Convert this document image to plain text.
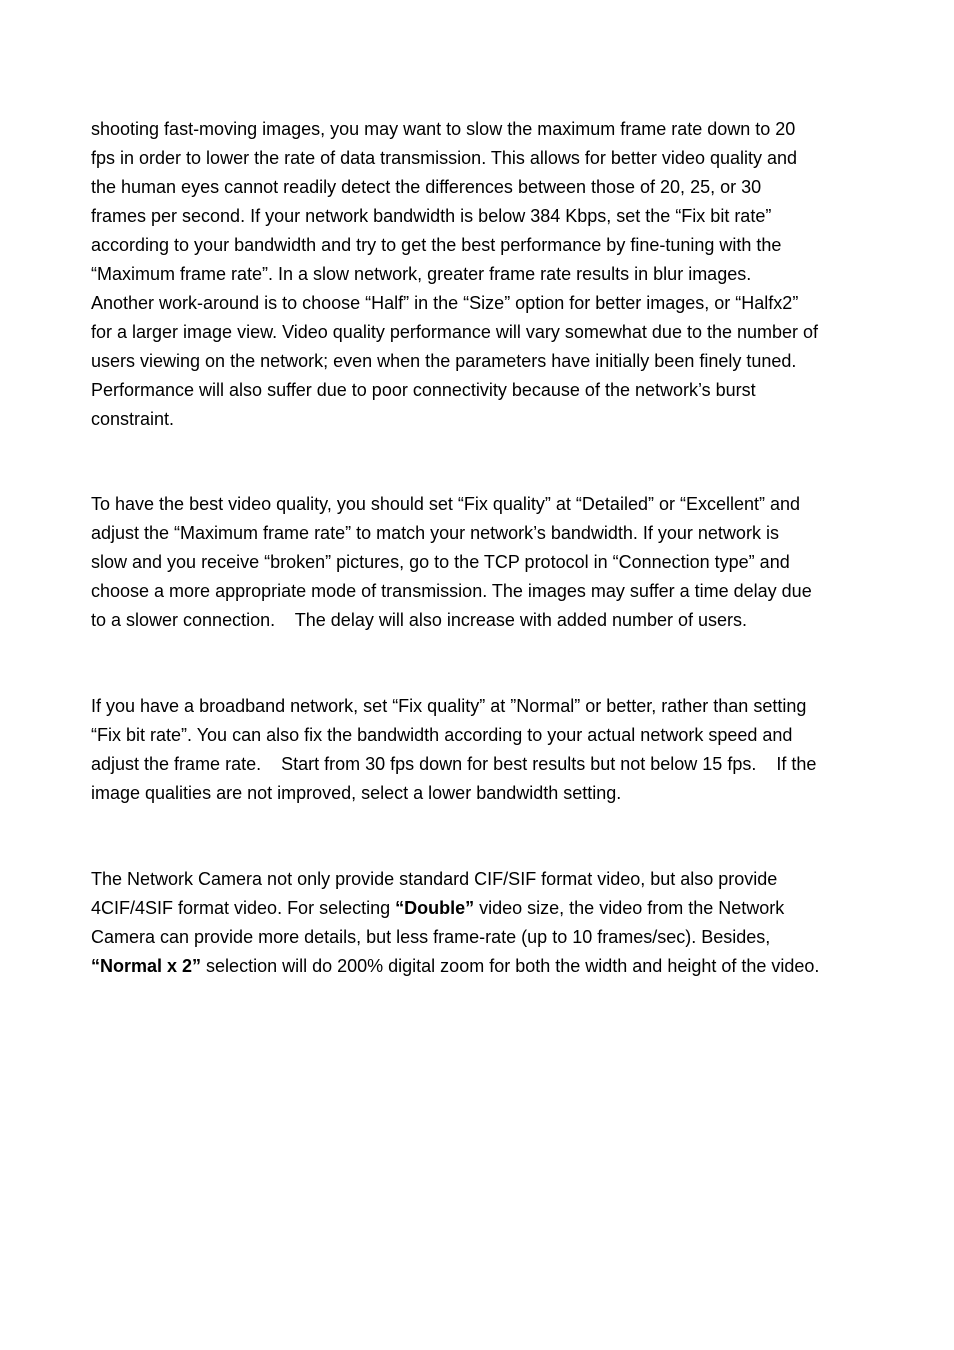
shooting fast-moving images, you may want to slow the maximum frame rate down to 20
fps in order to lower the rate of data transmission. This allows for better video quality and
the human eyes cannot readily detect the differences between those of 20, 25, or 30
frames per second. If your network bandwidth is below 384 Kbps, set the “Fix bit rate”
according to your bandwidth and try to get the best performance by fine-tuning with the
“Maximum frame rate”. In a slow network, greater frame rate results in blur images.
Another work-around is to choose “Half” in the “Size” option for better images, or “Halfx2”
for a larger image view. Video quality performance will vary somewhat due to the number of
users viewing on the network; even when the parameters have initially been finely tuned.
Performance will also suffer due to poor connectivity because of the network’s burst
constraint.

To have the best video quality, you should set “Fix quality” at “Detailed” or “Excellent” and
adjust the “Maximum frame rate” to match your network’s bandwidth. If your network is
slow and you receive “broken” pictures, go to the TCP protocol in “Connection type” and
choose a more appropriate mode of transmission. The images may suffer a time delay due
to a slower connection.    The delay will also increase with added number of users.

If you have a broadband network, set “Fix quality” at ”Normal” or better, rather than setting
“Fix bit rate”. You can also fix the bandwidth according to your actual network speed and
adjust the frame rate.    Start from 30 fps down for best results but not below 15 fps.    If the
image qualities are not improved, select a lower bandwidth setting.

The Network Camera not only provide standard CIF/SIF format video, but also provide
4CIF/4SIF format video. For selecting “Double” video size, the video from the Network
Camera can provide more details, but less frame-rate (up to 10 frames/sec). Besides,
“Normal x 2” selection will do 200% digital zoom for both the width and height of the video.
